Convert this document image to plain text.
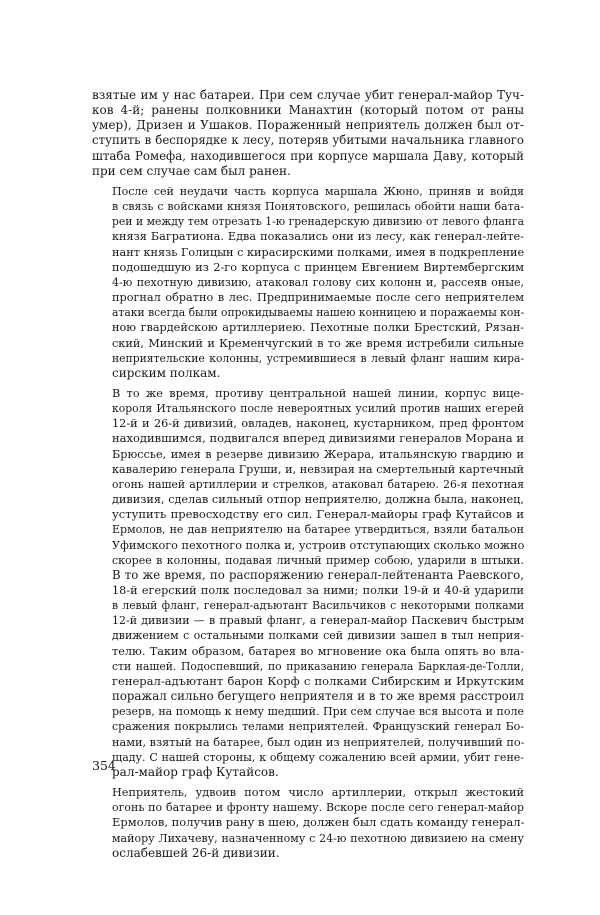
взятые им у нас батареи. При сем случае убит генерал-майор Туч-
ков 4-й; ранены полковники Манахтин (который потом от раны
умер), Дризен и Ушаков. Пораженный неприятель должен был от-
ступить в беспорядке к лесу, потеряв убитыми начальника главного
штаба Ромефа, находившегося при корпусе маршала Даву, который
при сем случае сам был ранен.
После сей неудачи часть корпуса маршала Жюно, приняв и войдя
в связь с войсками князя Понятовского, решилась обойти наши бата-
реи и между тем отрезать 1-ю гренадерскую дивизию от левого фланга
князя Багратиона. Едва показались они из лесу, как генерал-лейте-
нант князь Голицын с кирасирскими полками, имея в подкрепление
подошедшую из 2-го корпуса с принцем Евгением Виртембергским
4-ю пехотную дивизию, атаковал голову сих колонн и, рассеяв оные,
прогнал обратно в лес. Предпринимаемые после сего неприятелем
атаки всегда были опрокидываемы нашею конницею и поражаемы кон-
ною гвардейскою артиллериею. Пехотные полки Брестский, Рязан-
ский, Минский и Кременчугский в то же время истребили сильные
неприятельские колонны, устремившиеся в левый фланг нашим кира-
сирским полкам.
В то же время, противу центральной нашей линии, корпус вице-
короля Итальянского после невероятных усилий против наших егерей
12-й и 26-й дивизий, овладев, наконец, кустарником, пред фронтом
находившимся, подвигался вперед дивизиями генералов Морана и
Брюссье, имея в резерве дивизию Жерара, итальянскую гвардию и
кавалерию генерала Груши, и, невзирая на смертельный картечный
огонь нашей артиллерии и стрелков, атаковал батарею. 26-я пехотная
дивизия, сделав сильный отпор неприятелю, должна была, наконец,
уступить превосходству его сил. Генерал-майоры граф Кутайсов и
Ермолов, не дав неприятелю на батарее утвердиться, взяли батальон
Уфимского пехотного полка и, устроив отступающих сколько можно
скорее в колонны, подавая личный пример собою, ударили в штыки.
В то же время, по распоряжению генерал-лейтенанта Раевского,
18-й егерский полк последовал за ними; полки 19-й и 40-й ударили
в левый фланг, генерал-адъютант Васильчиков с некоторыми полками
12-й дивизии — в правый фланг, а генерал-майор Паскевич быстрым
движением с остальными полками сей дивизии зашел в тыл неприя-
телю. Таким образом, батарея во мгновение ока была опять во вла-
сти нашей. Подоспевший, по приказанию генерала Барклая-де-Толли,
генерал-адъютант барон Корф с полками Сибирским и Иркутским
поражал сильно бегущего неприятеля и в то же время расстроил
резерв, на помощь к нему шедший. При сем случае вся высота и поле
сражения покрылись телами неприятелей. Французский генерал Бо-
нами, взятый на батарее, был один из неприятелей, получивший по-
щаду. С нашей стороны, к общему сожалению всей армии, убит гене-
рал-майор граф Кутайсов.
Неприятель, удвоив потом число артиллерии, открыл жестокий
огонь по батарее и фронту нашему. Вскоре после сего генерал-майор
Ермолов, получив рану в шею, должен был сдать команду генерал-
майору Лихачеву, назначенному с 24-ю пехотною дивизиею на смену
ослабевшей 26-й дивизии.
354
